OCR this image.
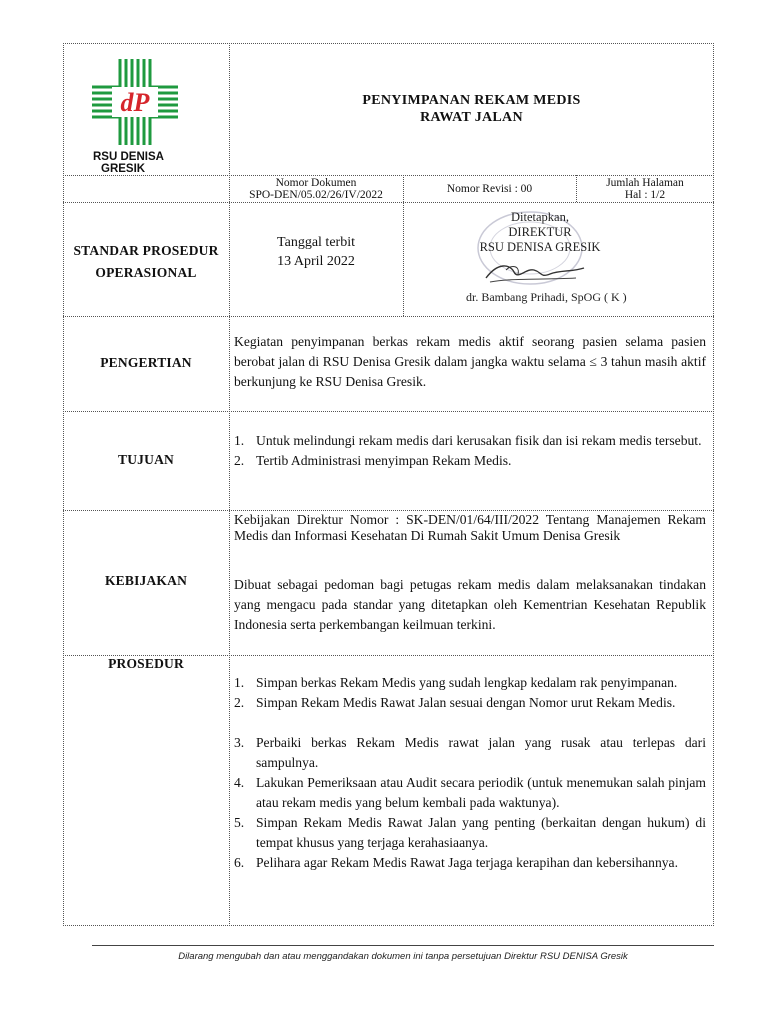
dP
RSU DENISA
GRESIK
PENYIMPANAN REKAM MEDIS
RAWAT JALAN
Nomor Dokumen
SPO-DEN/05.02/26/IV/2022	Nomor Revisi : 00	Jumlah Halaman
Hal : 1/2
STANDAR PROSEDUR
OPERASIONAL
Tanggal terbit
13 April 2022
Ditetapkan,
DIREKTUR
RSU DENISA GRESIK
dr. Bambang Prihadi, SpOG ( K )
PENGERTIAN
Kegiatan penyimpanan berkas rekam medis aktif seorang pasien selama pasien berobat jalan di RSU Denisa Gresik dalam jangka waktu selama ≤ 3 tahun masih aktif berkunjung ke RSU Denisa Gresik.
TUJUAN
1. Untuk melindungi rekam medis dari kerusakan fisik dan isi rekam medis tersebut.
2. Tertib Administrasi menyimpan Rekam Medis.
KEBIJAKAN
Kebijakan Direktur Nomor : SK-DEN/01/64/III/2022 Tentang Manajemen Rekam Medis dan Informasi Kesehatan Di Rumah Sakit Umum Denisa Gresik
Dibuat sebagai pedoman bagi petugas rekam medis dalam melaksanakan tindakan yang mengacu pada standar yang ditetapkan oleh Kementrian Kesehatan Republik Indonesia serta perkembangan keilmuan terkini.
PROSEDUR
1. Simpan berkas Rekam Medis yang sudah lengkap kedalam rak penyimpanan.
2. Simpan Rekam Medis Rawat Jalan sesuai dengan Nomor urut Rekam Medis.
3. Perbaiki berkas Rekam Medis rawat jalan yang rusak atau terlepas dari sampulnya.
4. Lakukan Pemeriksaan atau Audit secara periodik (untuk menemukan salah pinjam atau rekam medis yang belum kembali pada waktunya).
5. Simpan Rekam Medis Rawat Jalan yang penting (berkaitan dengan hukum) di tempat khusus yang terjaga kerahasiaanya.
6. Pelihara agar Rekam Medis Rawat Jaga terjaga kerapihan dan kebersihannya.
Dilarang mengubah dan atau menggandakan dokumen ini tanpa persetujuan Direktur RSU DENISA Gresik
